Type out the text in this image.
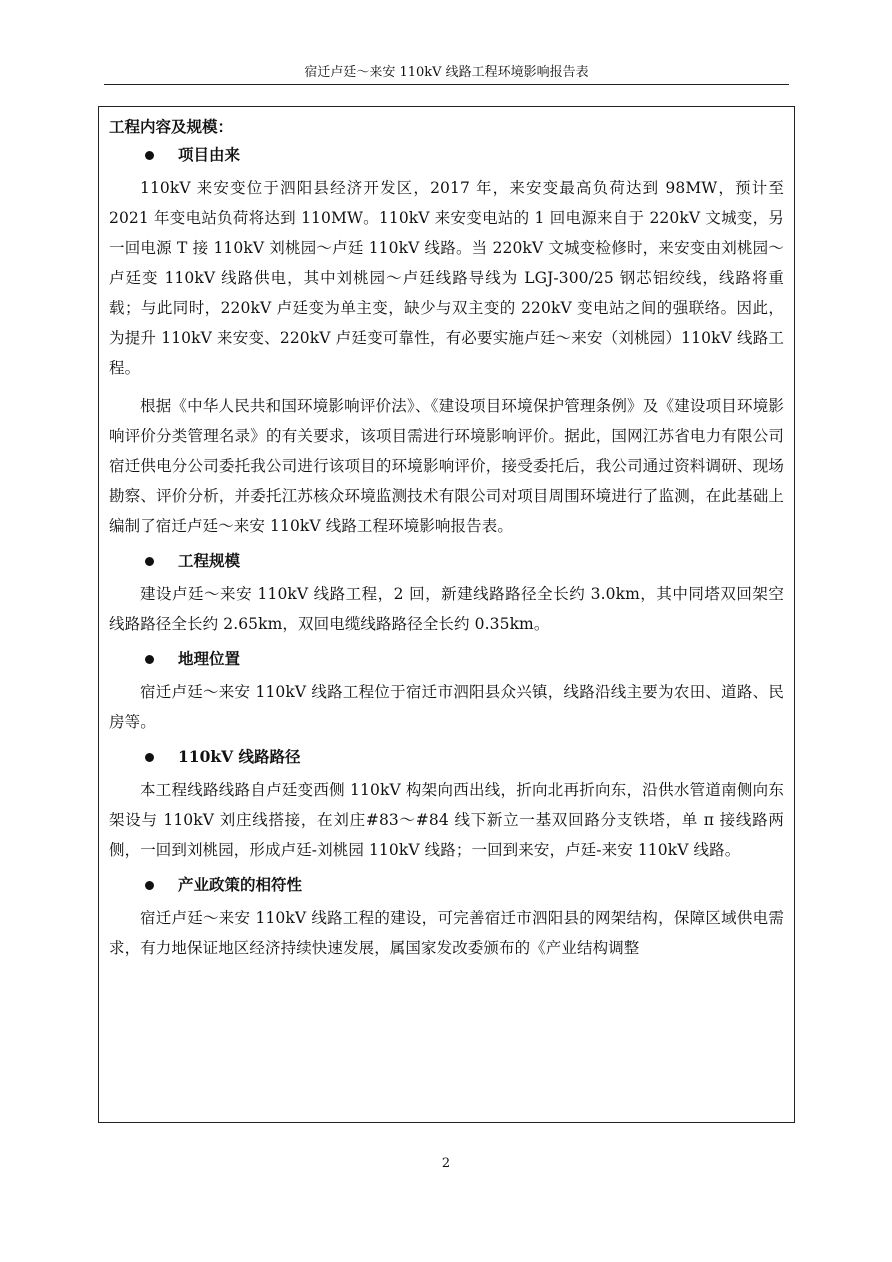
宿迁卢廷～来安 110kV 线路工程环境影响报告表
工程内容及规模：
项目由来

110kV 来安变位于泗阳县经济开发区，2017 年，来安变最高负荷达到 98MW，预计至 2021 年变电站负荷将达到 110MW。110kV 来安变电站的 1 回电源来自于 220kV 文城变，另一回电源 T 接 110kV 刘桃园～卢廷 110kV 线路。当 220kV 文城变检修时，来安变由刘桃园～卢廷变 110kV 线路供电，其中刘桃园～卢廷线路导线为 LGJ-300/25 钢芯铝绞线，线路将重载；与此同时，220kV 卢廷变为单主变，缺少与双主变的 220kV 变电站之间的强联络。因此，为提升 110kV 来安变、220kV 卢廷变可靠性，有必要实施卢廷～来安（刘桃园）110kV 线路工程。

根据《中华人民共和国环境影响评价法》、《建设项目环境保护管理条例》及《建设项目环境影响评价分类管理名录》的有关要求，该项目需进行环境影响评价。据此，国网江苏省电力有限公司宿迁供电分公司委托我公司进行该项目的环境影响评价，接受委托后，我公司通过资料调研、现场勘察、评价分析，并委托江苏核众环境监测技术有限公司对项目周围环境进行了监测，在此基础上编制了宿迁卢廷～来安 110kV 线路工程环境影响报告表。

工程规模

建设卢廷～来安 110kV 线路工程，2 回，新建线路路径全长约 3.0km，其中同塔双回架空线路路径全长约 2.65km，双回电缆线路路径全长约 0.35km。

地理位置

宿迁卢廷～来安 110kV 线路工程位于宿迁市泗阳县众兴镇，线路沿线主要为农田、道路、民房等。

110kV 线路路径

本工程线路线路自卢廷变西侧 110kV 构架向西出线，折向北再折向东，沿供水管道南侧向东架设与 110kV 刘庄线搭接，在刘庄#83～#84 线下新立一基双回路分支铁塔，单 π 接线路两侧，一回到刘桃园，形成卢廷-刘桃园 110kV 线路；一回到来安，卢廷-来安 110kV 线路。

产业政策的相符性

宿迁卢廷～来安 110kV 线路工程的建设，可完善宿迁市泗阳县的网架结构，保障区域供电需求，有力地保证地区经济持续快速发展，属国家发改委颁布的《产业结构调整

2
